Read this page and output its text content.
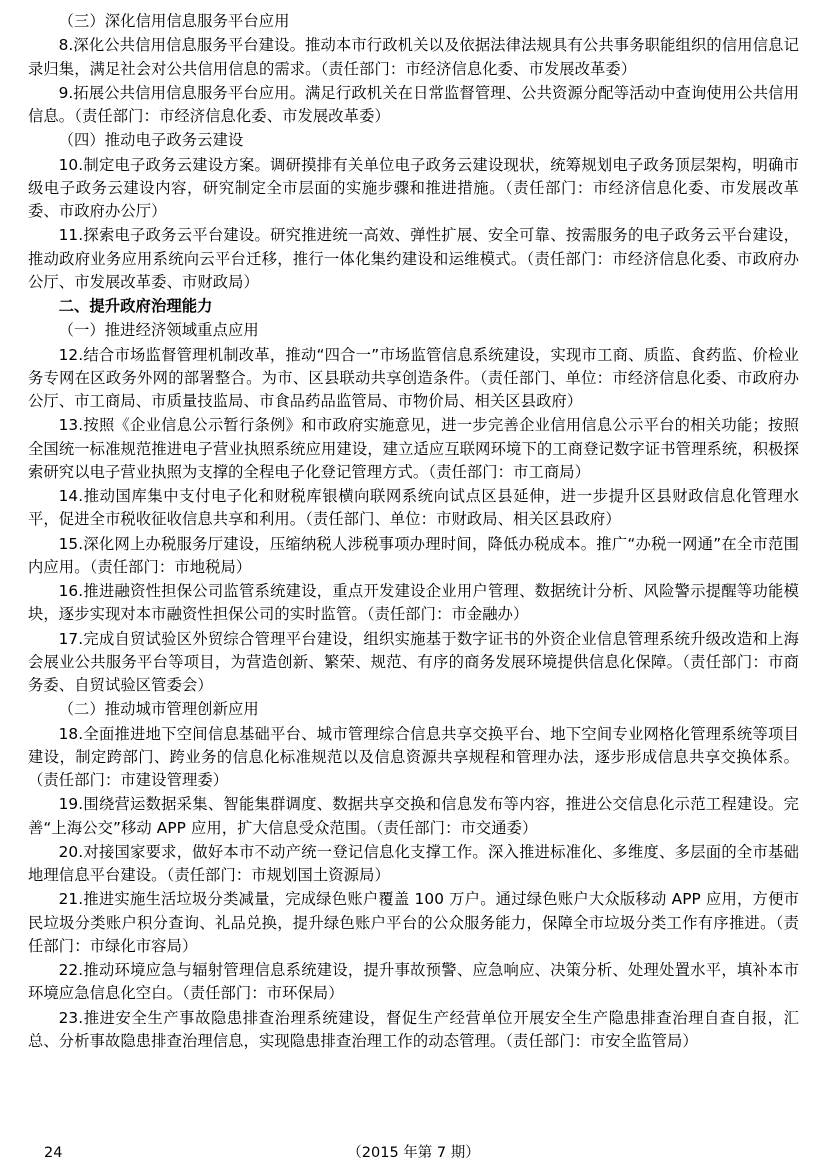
（三）深化信用信息服务平台应用

8.深化公共信用信息服务平台建设。推动本市行政机关以及依据法律法规具有公共事务职能组织的信用信息记录归集，满足社会对公共信用信息的需求。（责任部门：市经济信息化委、市发展改革委）

9.拓展公共信用信息服务平台应用。满足行政机关在日常监督管理、公共资源分配等活动中查询使用公共信用信息。（责任部门：市经济信息化委、市发展改革委）

（四）推动电子政务云建设

10.制定电子政务云建设方案。调研摸排有关单位电子政务云建设现状，统筹规划电子政务顶层架构，明确市级电子政务云建设内容，研究制定全市层面的实施步骤和推进措施。（责任部门：市经济信息化委、市发展改革委、市政府办公厅）

11.探索电子政务云平台建设。研究推进统一高效、弹性扩展、安全可靠、按需服务的电子政务云平台建设，推动政府业务应用系统向云平台迁移，推行一体化集约建设和运维模式。（责任部门：市经济信息化委、市政府办公厅、市发展改革委、市财政局）

二、提升政府治理能力

（一）推进经济领域重点应用

12.结合市场监督管理机制改革，推动“四合一”市场监管信息系统建设，实现市工商、质监、食药监、价检业务专网在区政务外网的部署整合。为市、区县联动共享创造条件。（责任部门、单位：市经济信息化委、市政府办公厅、市工商局、市质量技监局、市食品药品监管局、市物价局、相关区县政府）

13.按照《企业信息公示暂行条例》和市政府实施意见，进一步完善企业信用信息公示平台的相关功能；按照全国统一标准规范推进电子营业执照系统应用建设，建立适应互联网环境下的工商登记数字证书管理系统，积极探索研究以电子营业执照为支撑的全程电子化登记管理方式。（责任部门：市工商局）

14.推动国库集中支付电子化和财税库银横向联网系统向试点区县延伸，进一步提升区县财政信息化管理水平，促进全市税收征收信息共享和利用。（责任部门、单位：市财政局、相关区县政府）

15.深化网上办税服务厅建设，压缩纳税人涉税事项办理时间，降低办税成本。推广“办税一网通”在全市范围内应用。（责任部门：市地税局）

16.推进融资性担保公司监管系统建设，重点开发建设企业用户管理、数据统计分析、风险警示提醒等功能模块，逐步实现对本市融资性担保公司的实时监管。（责任部门：市金融办）

17.完成自贸试验区外贸综合管理平台建设，组织实施基于数字证书的外资企业信息管理系统升级改造和上海会展业公共服务平台等项目，为营造创新、繁荣、规范、有序的商务发展环境提供信息化保障。（责任部门：市商务委、自贸试验区管委会）

（二）推动城市管理创新应用

18.全面推进地下空间信息基础平台、城市管理综合信息共享交换平台、地下空间专业网格化管理系统等项目建设，制定跨部门、跨业务的信息化标准规范以及信息资源共享规程和管理办法，逐步形成信息共享交换体系。（责任部门：市建设管理委）

19.围绕营运数据采集、智能集群调度、数据共享交换和信息发布等内容，推进公交信息化示范工程建设。完善“上海公交”移动 APP 应用，扩大信息受众范围。（责任部门：市交通委）

20.对接国家要求，做好本市不动产统一登记信息化支撑工作。深入推进标准化、多维度、多层面的全市基础地理信息平台建设。（责任部门：市规划国土资源局）

21.推进实施生活垃圾分类减量，完成绿色账户覆盖 100 万户。通过绿色账户大众版移动 APP 应用，方便市民垃圾分类账户积分查询、礼品兑换，提升绿色账户平台的公众服务能力，保障全市垃圾分类工作有序推进。（责任部门：市绿化市容局）

22.推动环境应急与辐射管理信息系统建设，提升事故预警、应急响应、决策分析、处理处置水平，填补本市环境应急信息化空白。（责任部门：市环保局）

23.推进安全生产事故隐患排查治理系统建设，督促生产经营单位开展安全生产隐患排查治理自查自报，汇总、分析事故隐患排查治理信息，实现隐患排查治理工作的动态管理。（责任部门：市安全监管局）

24	（2015 年第 7 期）
